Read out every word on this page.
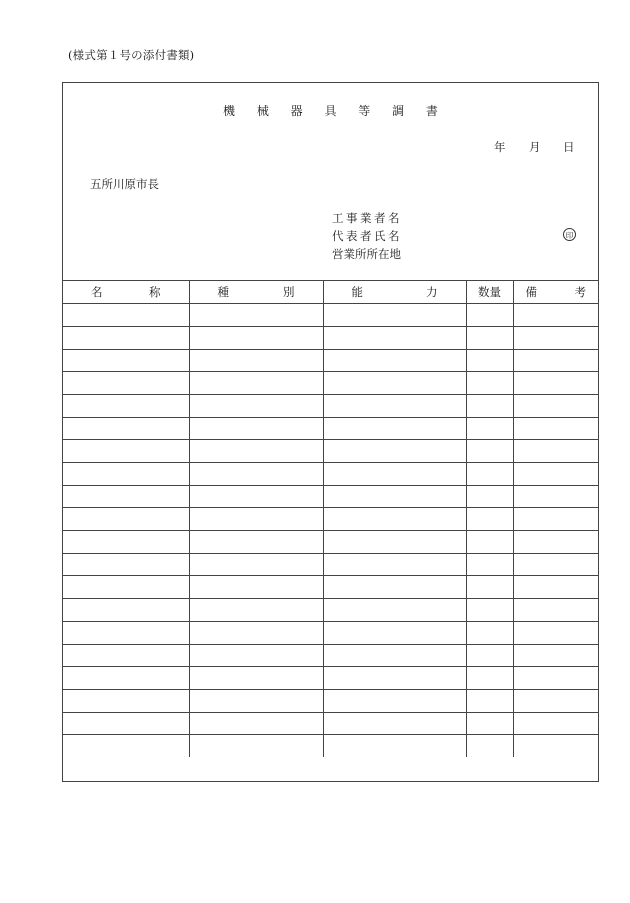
(様式第１号の添付書類)
機 械 器 具 等 調 書
年 月 日
五所川原市長
工事業者名
代表者氏名
営業所所在地
印
名 称	種 別	能 力	数量	備 考
